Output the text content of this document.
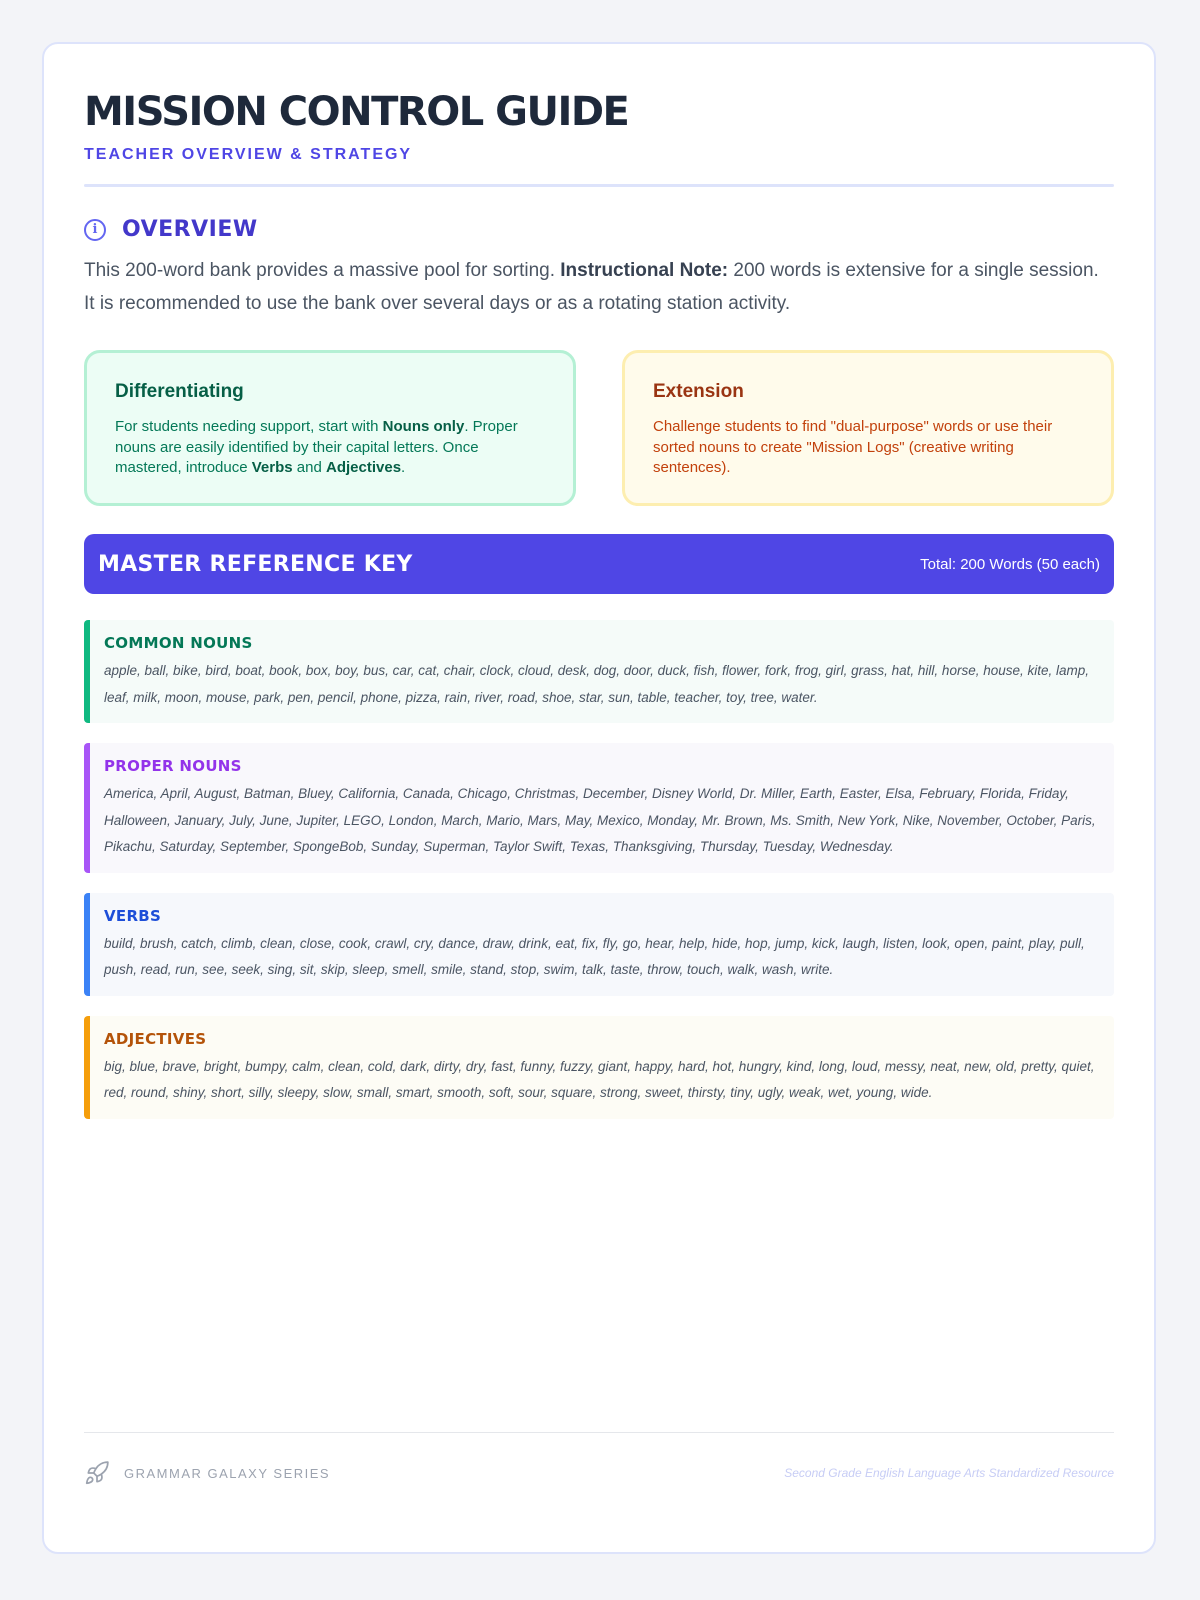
MISSION CONTROL GUIDE
TEACHER OVERVIEW & STRATEGY
i	OVERVIEW
This 200-word bank provides a massive pool for sorting. Instructional Note: 200 words is extensive for a single session. It is recommended to use the bank over several days or as a rotating station activity.
Differentiating
For students needing support, start with Nouns only. Proper nouns are easily identified by their capital letters. Once mastered, introduce Verbs and Adjectives.
Extension
Challenge students to find "dual-purpose" words or use their sorted nouns to create "Mission Logs" (creative writing sentences).
MASTER REFERENCE KEY	Total: 200 Words (50 each)
COMMON NOUNS
apple, ball, bike, bird, boat, book, box, boy, bus, car, cat, chair, clock, cloud, desk, dog, door, duck, fish, flower, fork, frog, girl, grass, hat, hill, horse, house, kite, lamp, leaf, milk, moon, mouse, park, pen, pencil, phone, pizza, rain, river, road, shoe, star, sun, table, teacher, toy, tree, water.
PROPER NOUNS
America, April, August, Batman, Bluey, California, Canada, Chicago, Christmas, December, Disney World, Dr. Miller, Earth, Easter, Elsa, February, Florida, Friday, Halloween, January, July, June, Jupiter, LEGO, London, March, Mario, Mars, May, Mexico, Monday, Mr. Brown, Ms. Smith, New York, Nike, November, October, Paris, Pikachu, Saturday, September, SpongeBob, Sunday, Superman, Taylor Swift, Texas, Thanksgiving, Thursday, Tuesday, Wednesday.
VERBS
build, brush, catch, climb, clean, close, cook, crawl, cry, dance, draw, drink, eat, fix, fly, go, hear, help, hide, hop, jump, kick, laugh, listen, look, open, paint, play, pull, push, read, run, see, seek, sing, sit, skip, sleep, smell, smile, stand, stop, swim, talk, taste, throw, touch, walk, wash, write.
ADJECTIVES
big, blue, brave, bright, bumpy, calm, clean, cold, dark, dirty, dry, fast, funny, fuzzy, giant, happy, hard, hot, hungry, kind, long, loud, messy, neat, new, old, pretty, quiet, red, round, shiny, short, silly, sleepy, slow, small, smart, smooth, soft, sour, square, strong, sweet, thirsty, tiny, ugly, weak, wet, young, wide.
GRAMMAR GALAXY SERIES	Second Grade English Language Arts Standardized Resource
